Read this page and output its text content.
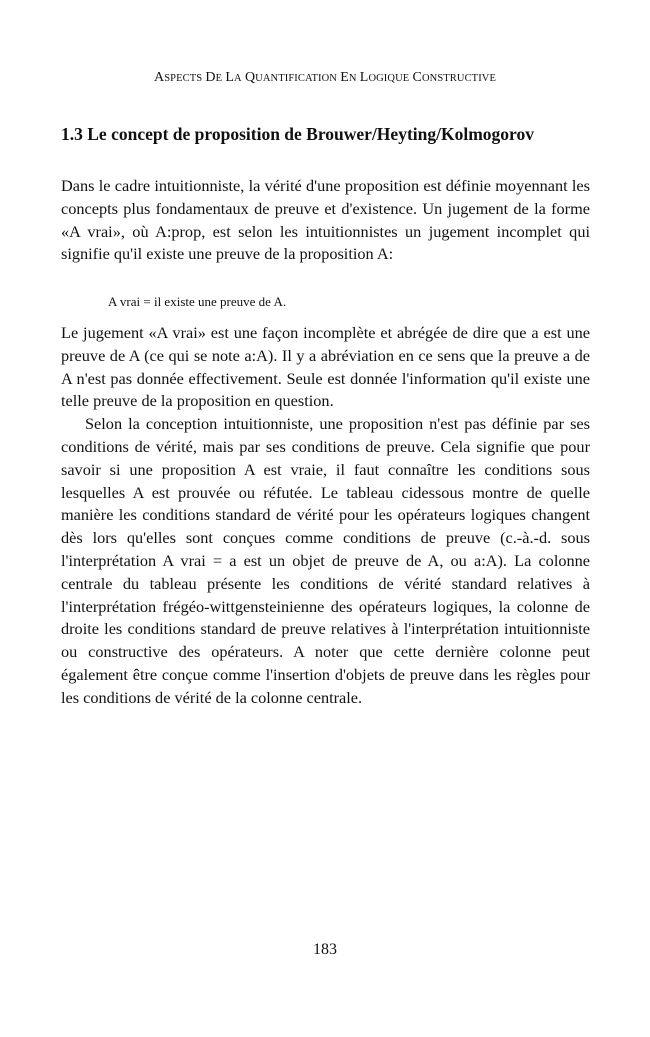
ASPECTS DE LA QUANTIFICATION EN LOGIQUE CONSTRUCTIVE
1.3 Le concept de proposition de Brouwer/Heyting/Kolmogorov

Dans le cadre intuitionniste, la vérité d'une proposition est définie moyennant les concepts plus fondamentaux de preuve et d'existence. Un jugement de la forme «A vrai», où A:prop, est selon les intuitionnistes un jugement incomplet qui signifie qu'il existe une preuve de la proposition A:

A vrai = il existe une preuve de A.

Le jugement «A vrai» est une façon incomplète et abrégée de dire que a est une preuve de A (ce qui se note a:A). Il y a abréviation en ce sens que la preuve a de A n'est pas donnée effectivement. Seule est donnée l'information qu'il existe une telle preuve de la proposition en question.

Selon la conception intuitionniste, une proposition n'est pas définie par ses conditions de vérité, mais par ses conditions de preuve. Cela signifie que pour savoir si une proposition A est vraie, il faut connaître les conditions sous lesquelles A est prouvée ou réfutée. Le tableau cidessous montre de quelle manière les conditions standard de vérité pour les opérateurs logiques changent dès lors qu'elles sont conçues comme conditions de preuve (c.-à.-d. sous l'interprétation A vrai = a est un objet de preuve de A, ou a:A). La colonne centrale du tableau présente les conditions de vérité standard relatives à l'interprétation frégéo-wittgensteinienne des opérateurs logiques, la colonne de droite les conditions standard de preuve relatives à l'interprétation intuitionniste ou constructive des opérateurs. A noter que cette dernière colonne peut également être conçue comme l'insertion d'objets de preuve dans les règles pour les conditions de vérité de la colonne centrale.

183
